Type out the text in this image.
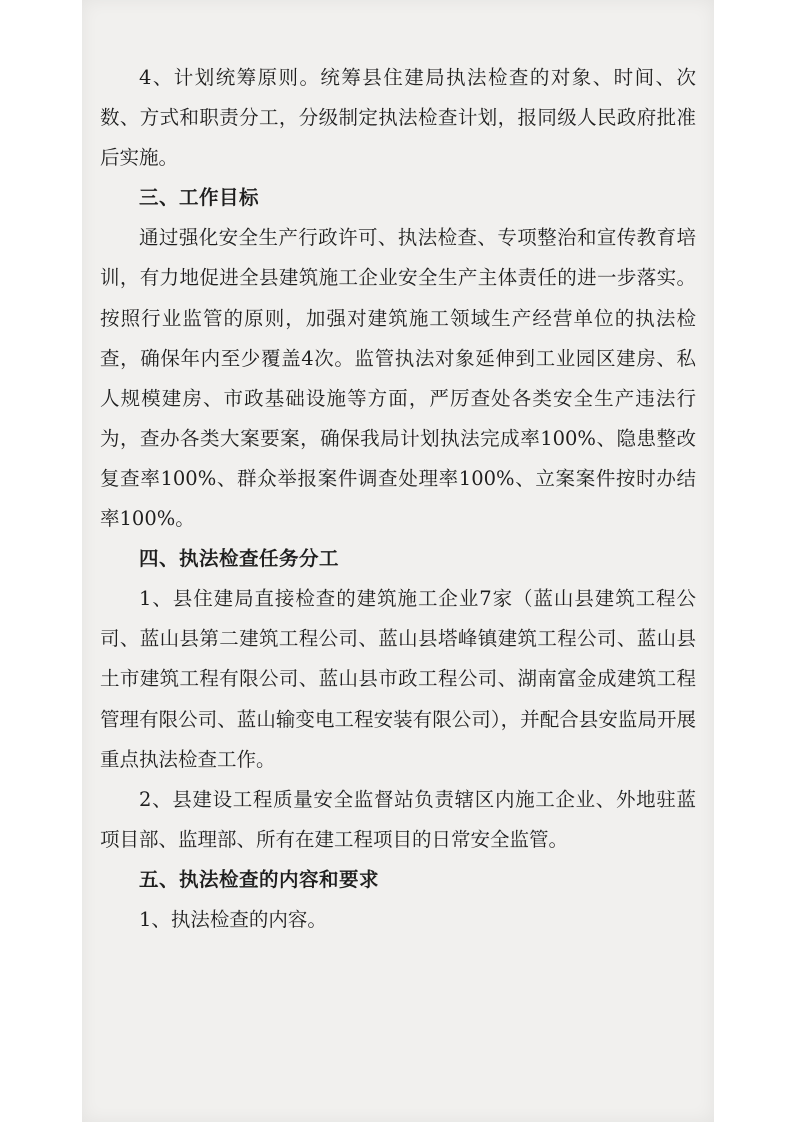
4、计划统筹原则。统筹县住建局执法检查的对象、时间、次数、方式和职责分工，分级制定执法检查计划，报同级人民政府批准后实施。

三、工作目标

通过强化安全生产行政许可、执法检查、专项整治和宣传教育培训，有力地促进全县建筑施工企业安全生产主体责任的进一步落实。按照行业监管的原则，加强对建筑施工领域生产经营单位的执法检查，确保年内至少覆盖4次。监管执法对象延伸到工业园区建房、私人规模建房、市政基础设施等方面，严厉查处各类安全生产违法行为，查办各类大案要案，确保我局计划执法完成率100%、隐患整改复查率100%、群众举报案件调查处理率100%、立案案件按时办结率100%。

四、执法检查任务分工

1、县住建局直接检查的建筑施工企业7家（蓝山县建筑工程公司、蓝山县第二建筑工程公司、蓝山县塔峰镇建筑工程公司、蓝山县土市建筑工程有限公司、蓝山县市政工程公司、湖南富金成建筑工程管理有限公司、蓝山输变电工程安装有限公司），并配合县安监局开展重点执法检查工作。

2、县建设工程质量安全监督站负责辖区内施工企业、外地驻蓝项目部、监理部、所有在建工程项目的日常安全监管。

五、执法检查的内容和要求

1、执法检查的内容。
